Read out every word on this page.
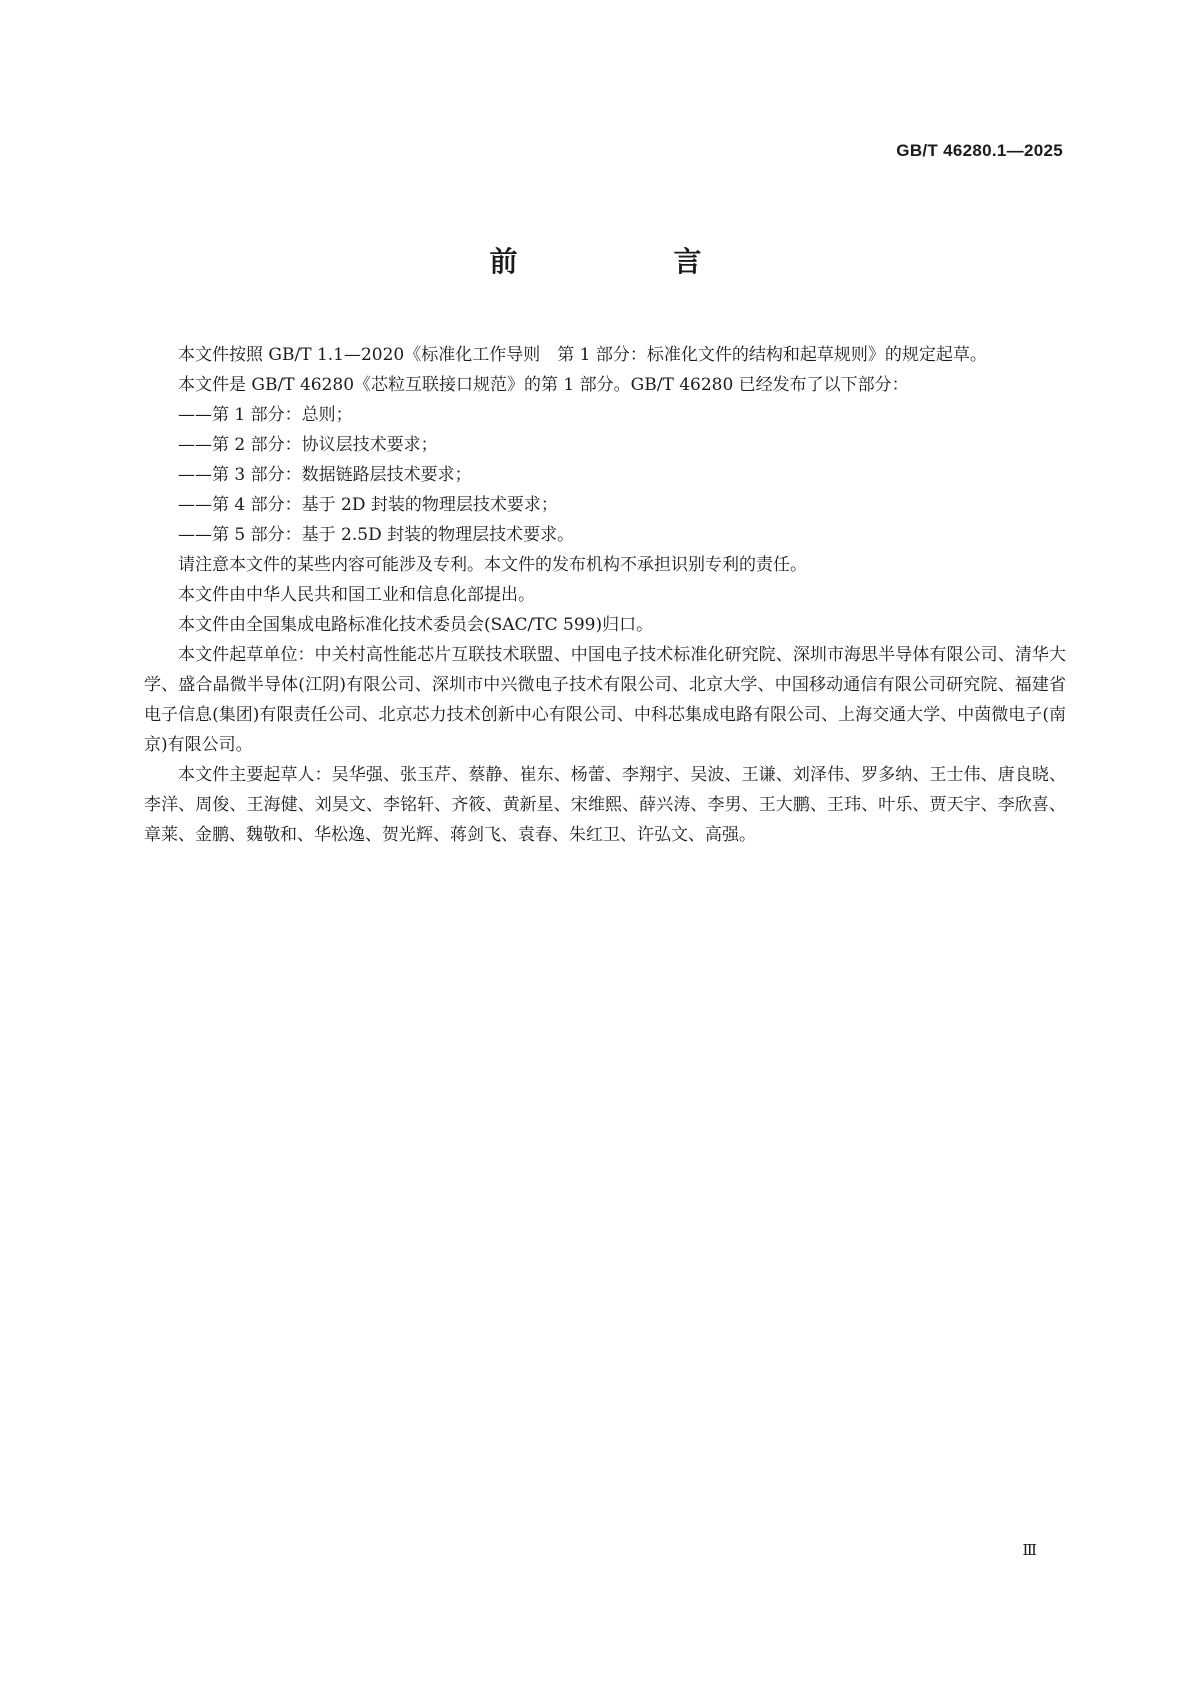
GB/T 46280.1—2025
前　言

本文件按照 GB/T 1.1—2020《标准化工作导则　第 1 部分：标准化文件的结构和起草规则》的规定起草。

本文件是 GB/T 46280《芯粒互联接口规范》的第 1 部分。GB/T 46280 已经发布了以下部分：

——第 1 部分：总则；

——第 2 部分：协议层技术要求；

——第 3 部分：数据链路层技术要求；

——第 4 部分：基于 2D 封装的物理层技术要求；

——第 5 部分：基于 2.5D 封装的物理层技术要求。

请注意本文件的某些内容可能涉及专利。本文件的发布机构不承担识别专利的责任。

本文件由中华人民共和国工业和信息化部提出。

本文件由全国集成电路标准化技术委员会(SAC/TC 599)归口。

本文件起草单位：中关村高性能芯片互联技术联盟、中国电子技术标准化研究院、深圳市海思半导体有限公司、清华大学、盛合晶微半导体(江阴)有限公司、深圳市中兴微电子技术有限公司、北京大学、中国移动通信有限公司研究院、福建省电子信息(集团)有限责任公司、北京芯力技术创新中心有限公司、中科芯集成电路有限公司、上海交通大学、中茵微电子(南京)有限公司。

本文件主要起草人：吴华强、张玉芹、蔡静、崔东、杨蕾、李翔宇、吴波、王谦、刘泽伟、罗多纳、王士伟、唐良晓、李洋、周俊、王海健、刘昊文、李铭轩、齐筱、黄新星、宋维熙、薛兴涛、李男、王大鹏、王玮、叶乐、贾天宇、李欣喜、章莱、金鹏、魏敬和、华松逸、贺光辉、蒋剑飞、袁春、朱红卫、许弘文、高强。

Ⅲ
